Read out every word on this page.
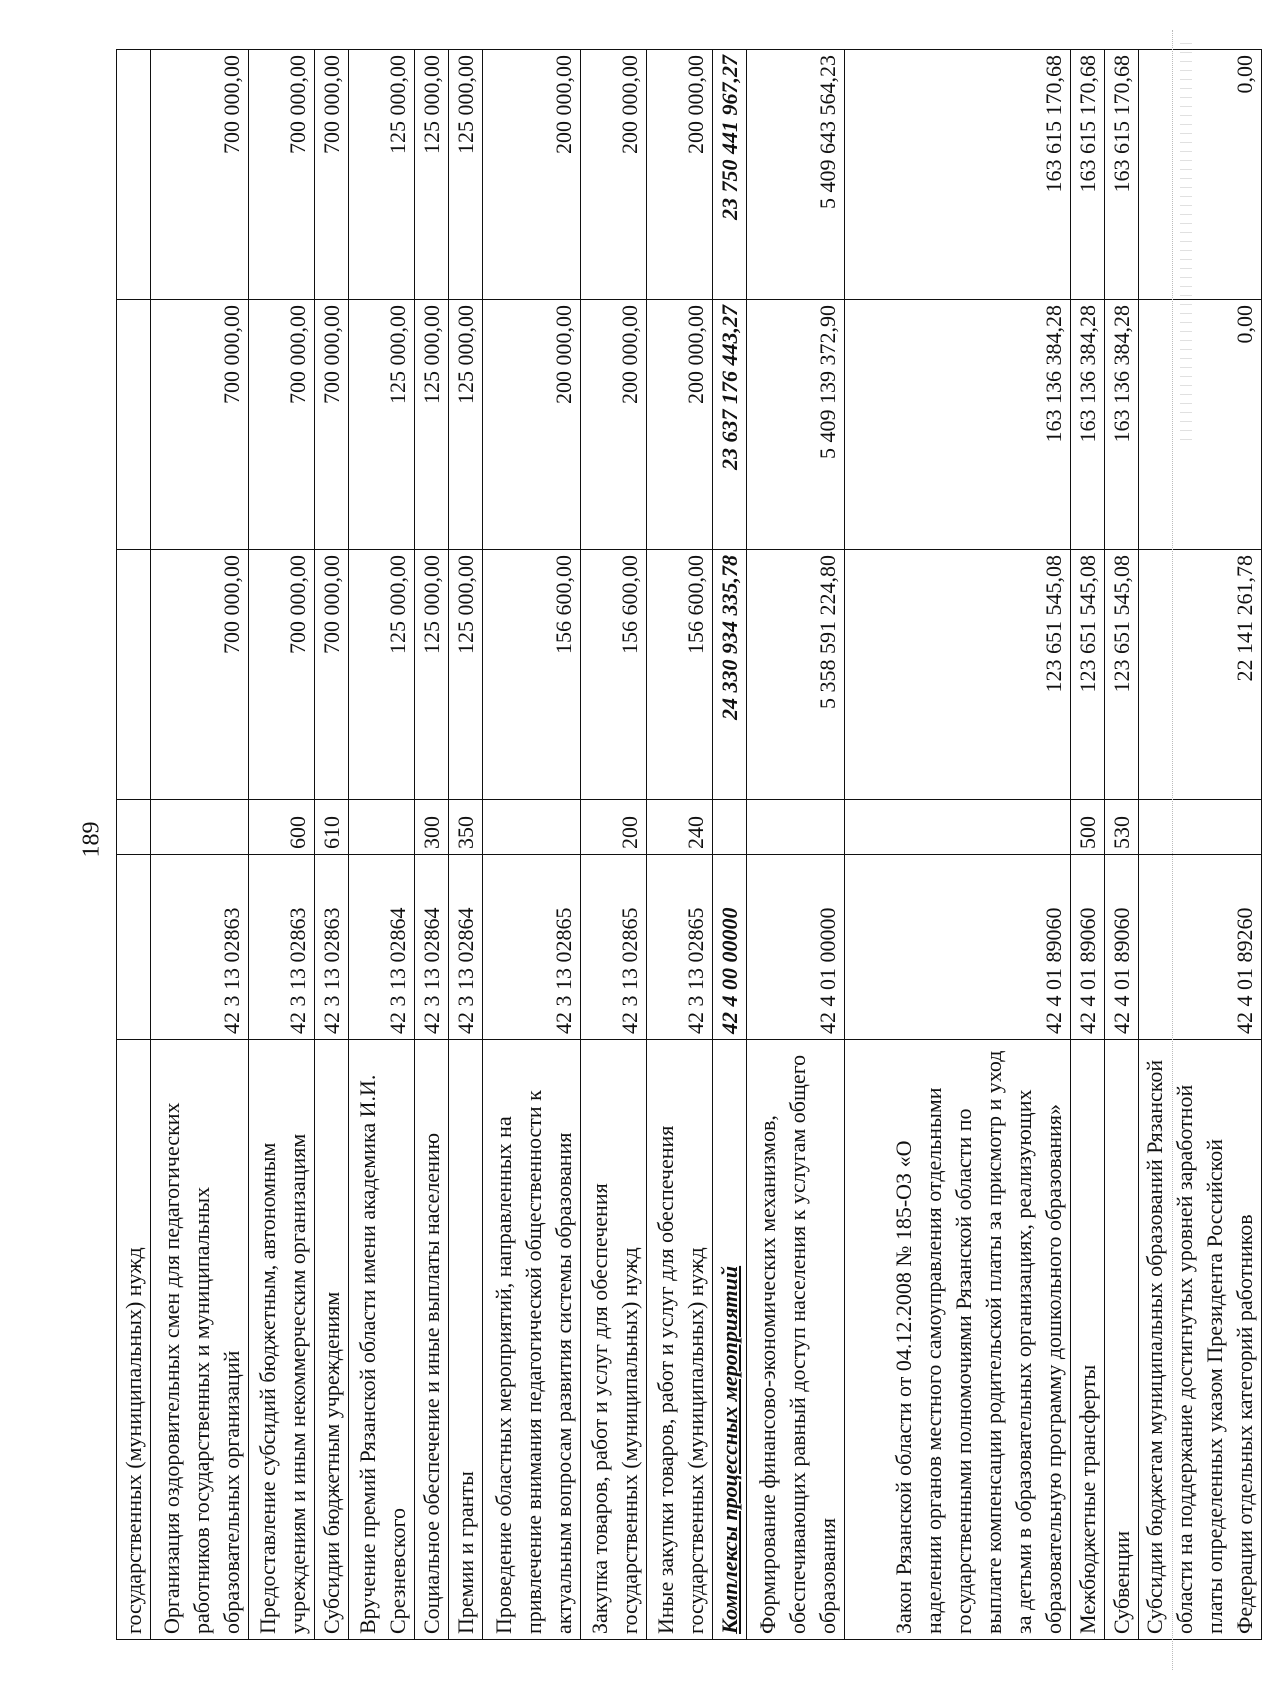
189
государственных (муниципальных) нужд					
Организация оздоровительных смен для педагогических работников государственных и муниципальных образовательных организаций	42 3 13 02863		700 000,00	700 000,00	700 000,00
Предоставление субсидий бюджетным, автономным учреждениям и иным некоммерческим организациям	42 3 13 02863	600	700 000,00	700 000,00	700 000,00
Субсидии бюджетным учреждениям	42 3 13 02863	610	700 000,00	700 000,00	700 000,00
Вручение премий Рязанской области имени академика И.И. Срезневского	42 3 13 02864		125 000,00	125 000,00	125 000,00
Социальное обеспечение и иные выплаты населению	42 3 13 02864	300	125 000,00	125 000,00	125 000,00
Премии и гранты	42 3 13 02864	350	125 000,00	125 000,00	125 000,00
Проведение областных мероприятий, направленных на привлечение внимания педагогической общественности к актуальным вопросам развития системы образования	42 3 13 02865		156 600,00	200 000,00	200 000,00
Закупка товаров, работ и услуг для обеспечения государственных (муниципальных) нужд	42 3 13 02865	200	156 600,00	200 000,00	200 000,00
Иные закупки товаров, работ и услуг для обеспечения государственных (муниципальных) нужд	42 3 13 02865	240	156 600,00	200 000,00	200 000,00
Комплексы процессных мероприятий	42 4 00 00000		24 330 934 335,78	23 637 176 443,27	23 750 441 967,27
Формирование финансово-экономических механизмов, обеспечивающих равный доступ населения к услугам общего образования	42 4 01 00000		5 358 591 224,80	5 409 139 372,90	5 409 643 564,23
Закон Рязанской области от 04.12.2008 № 185-ОЗ «О наделении органов местного самоуправления отдельными государственными полномочиями Рязанской области по выплате компенсации родительской платы за присмотр и уход за детьми в образовательных организациях, реализующих образовательную программу дошкольного образования»	42 4 01 89060		123 651 545,08	163 136 384,28	163 615 170,68
Межбюджетные трансферты	42 4 01 89060	500	123 651 545,08	163 136 384,28	163 615 170,68
Субвенции	42 4 01 89060	530	123 651 545,08	163 136 384,28	163 615 170,68
Субсидии бюджетам муниципальных образований Рязанской области на поддержание достигнутых уровней заработной платы определенных указом Президента Российской Федерации отдельных категорий работников	42 4 01 89260		22 141 261,78	0,00	0,00
